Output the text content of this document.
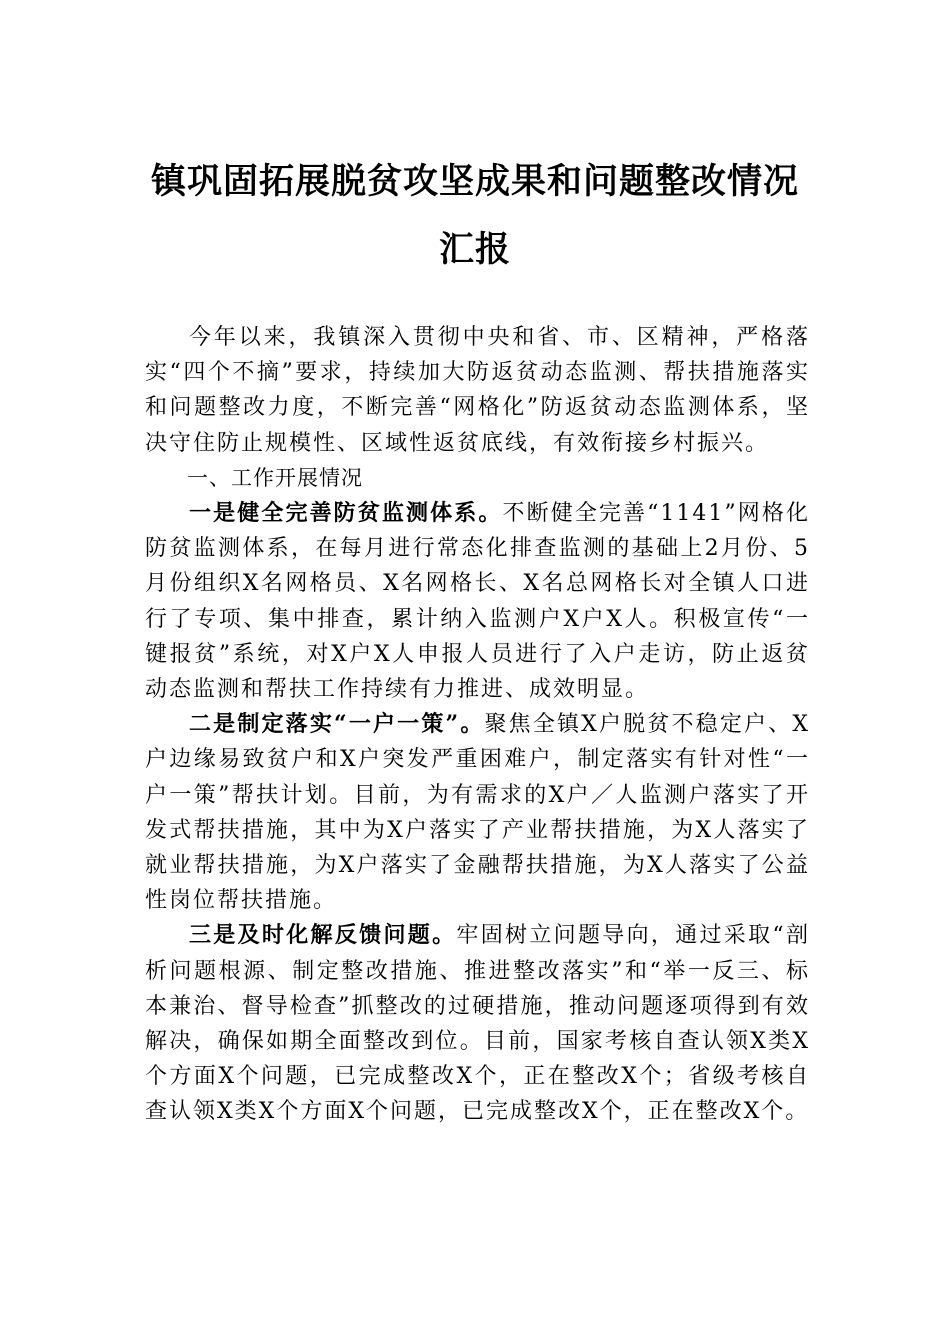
镇巩固拓展脱贫攻坚成果和问题整改情况
汇报

今年以来，我镇深入贯彻中央和省、市、区精神，严格落实“四个不摘”要求，持续加大防返贫动态监测、帮扶措施落实和问题整改力度，不断完善“网格化”防返贫动态监测体系，坚决守住防止规模性、区域性返贫底线，有效衔接乡村振兴。

一、工作开展情况

一是健全完善防贫监测体系。不断健全完善“1141”网格化防贫监测体系，在每月进行常态化排查监测的基础上2月份、5月份组织X名网格员、X名网格长、X名总网格长对全镇人口进行了专项、集中排查，累计纳入监测户X户X人。积极宣传“一键报贫”系统，对X户X人申报人员进行了入户走访，防止返贫动态监测和帮扶工作持续有力推进、成效明显。

二是制定落实“一户一策”。聚焦全镇X户脱贫不稳定户、X户边缘易致贫户和X户突发严重困难户，制定落实有针对性“一户一策”帮扶计划。目前，为有需求的X户／人监测户落实了开发式帮扶措施，其中为X户落实了产业帮扶措施，为X人落实了就业帮扶措施，为X户落实了金融帮扶措施，为X人落实了公益性岗位帮扶措施。

三是及时化解反馈问题。牢固树立问题导向，通过采取“剖析问题根源、制定整改措施、推进整改落实”和“举一反三、标本兼治、督导检查”抓整改的过硬措施，推动问题逐项得到有效解决，确保如期全面整改到位。目前，国家考核自查认领X类X个方面X个问题，已完成整改X个，正在整改X个；省级考核自查认领X类X个方面X个问题，已完成整改X个，正在整改X个。
